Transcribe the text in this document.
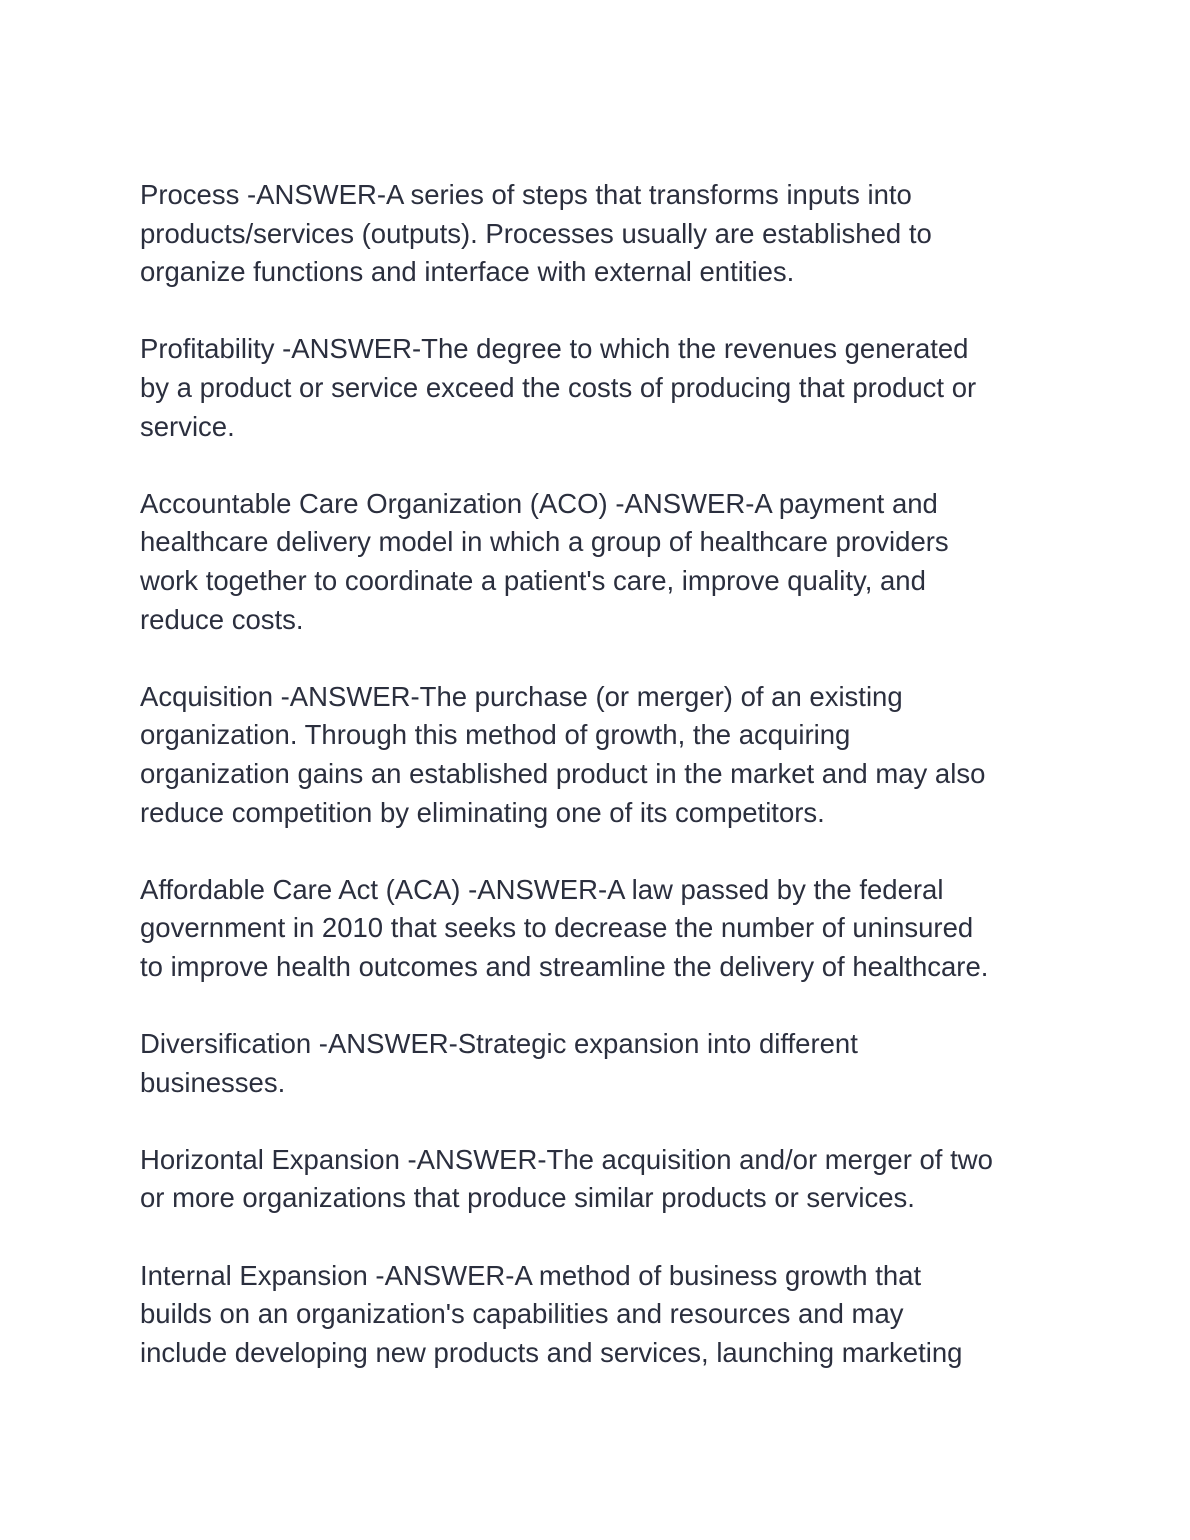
Process -ANSWER-A series of steps that transforms inputs into
products/services (outputs). Processes usually are established to
organize functions and interface with external entities.
Profitability -ANSWER-The degree to which the revenues generated
by a product or service exceed the costs of producing that product or
service.
Accountable Care Organization (ACO) -ANSWER-A payment and
healthcare delivery model in which a group of healthcare providers
work together to coordinate a patient's care, improve quality, and
reduce costs.
Acquisition -ANSWER-The purchase (or merger) of an existing
organization. Through this method of growth, the acquiring
organization gains an established product in the market and may also
reduce competition by eliminating one of its competitors.
Affordable Care Act (ACA) -ANSWER-A law passed by the federal
government in 2010 that seeks to decrease the number of uninsured
to improve health outcomes and streamline the delivery of healthcare.
Diversification -ANSWER-Strategic expansion into different
businesses.
Horizontal Expansion -ANSWER-The acquisition and/or merger of two
or more organizations that produce similar products or services.
Internal Expansion -ANSWER-A method of business growth that
builds on an organization's capabilities and resources and may
include developing new products and services, launching marketing
